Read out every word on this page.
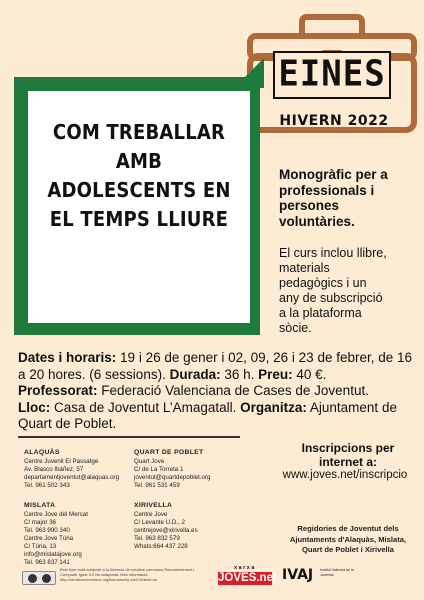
EINES
HIVERN 2022
COM TREBALLAR
AMB
ADOLESCENTS EN
EL TEMPS LLIURE
Monogràfic per a
professionals i
persones
voluntàries.
El curs inclou llibre,
materials
pedagògics i un
any de subscripció
a la plataforma
sòcie.
Dates i horaris: 19 i 26 de gener i 02, 09, 26 i 23 de febrer, de 16 a 20 hores. (6 sessions). Durada: 36 h. Preu: 40 €.
Professorat: Federació Valenciana de Cases de Joventut.
Lloc: Casa de Joventut L’Amagatall. Organitza: Ajuntament de Quart de Poblet.
ALAQUÀS
Centre Juvenil El Passatge
Av. Blasco Ibáñez, 57
departamentjoventut@alaquas.org
Tel. 961 502 343
QUART DE POBLET
Quart Jove
C/ de La Torreta 1
joventut@quartdepoblet.org
Tel. 961 531 459
MISLATA
Centre Jove del Mercat
C/ major 36
Tel. 963 990 340
Centre Jove Túria
C/ Túria, 13
info@mislatajove.org
Tel. 963 837 141
XIRIVELLA
Centre Jove
C/ Levante U.D., 2
centrejove@xirivella.es
Tel. 963 832 579
Whats:664 437 228
Inscripcions per
internet a:
www.joves.net/inscripcio
Regidories de Joventut dels
Ajuntaments d'Alaquàs, Mislata,
Quart de Poblet i Xirivella
Este flyer està subjecte a la llicència de creative commons Reconeixement i Compartir Igual 3.0 No adaptada. Més informació: http://creativecommons.org/licenses/by-sa/3.0/deed.ca
xarxa
JOVES.net IVAJ	Institut Valencià de la Joventut
